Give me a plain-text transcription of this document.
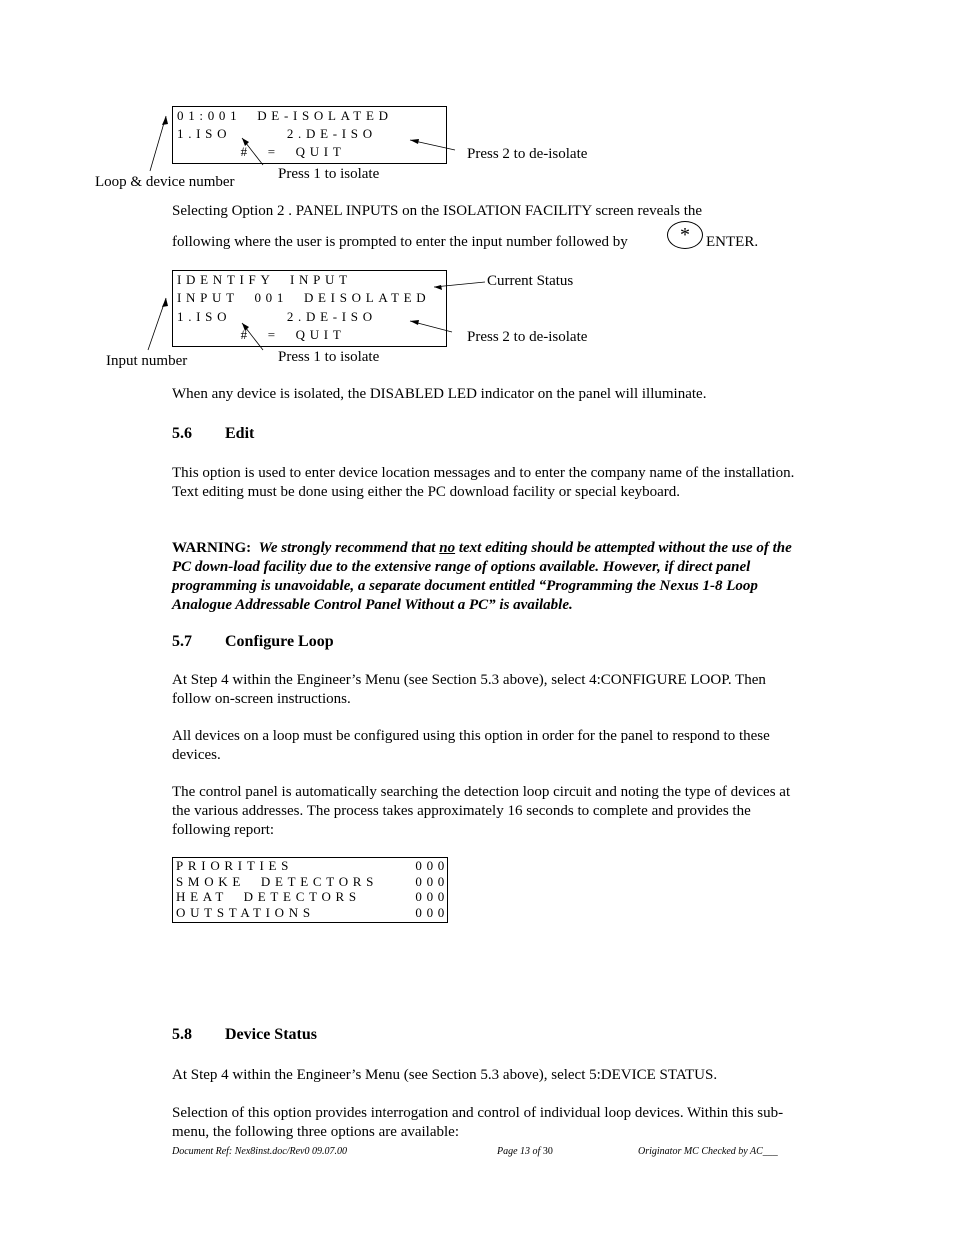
01:001  DE-ISOLATED

1.ISO       2.DE-ISO

#  =  QUIT	Press 2 to de-isolate
Press 1 to isolate
Loop & device number
Selecting Option 2 . PANEL INPUTS on the ISOLATION FACILITY screen reveals the
following where the user is prompted to enter the input number followed by	*	ENTER.

IDENTIFY  INPUT

INPUT  001  DEISOLATED

1.ISO       2.DE-ISO

#  =  QUIT

Current Status
Press 2 to de-isolate
Press 1 to isolate
Input number
When any device is isolated, the DISABLED LED indicator on the panel will illuminate.
5.6 Edit
This option is used to enter device location messages and to enter the company name of the installation. Text editing must be done using either the PC download facility or special keyboard.
WARNING: We strongly recommend that no text editing should be attempted without the use of the PC down-load facility due to the extensive range of options available. However, if direct panel programming is unavoidable, a separate document entitled “Programming the Nexus 1-8 Loop Analogue Addressable Control Panel Without a PC” is available.
5.7 Configure Loop
At Step 4 within the Engineer’s Menu (see Section 5.3 above), select 4:CONFIGURE LOOP. Then follow on-screen instructions.
All devices on a loop must be configured using this option in order for the panel to respond to these devices.
The control panel is automatically searching the detection loop circuit and noting the type of devices at the various addresses. The process takes approximately 16 seconds to complete and provides the following report:
PRIORITIES	000
SMOKE  DETECTORS	000
HEAT  DETECTORS	000
OUTSTATIONS	000
5.8 Device Status
At Step 4 within the Engineer’s Menu (see Section 5.3 above), select 5:DEVICE STATUS.
Selection of this option provides interrogation and control of individual loop devices. Within this sub-menu, the following three options are available:
Document Ref: Nex8inst.doc/Rev0 09.07.00	Page 13 of 30	Originator MC Checked by AC___
